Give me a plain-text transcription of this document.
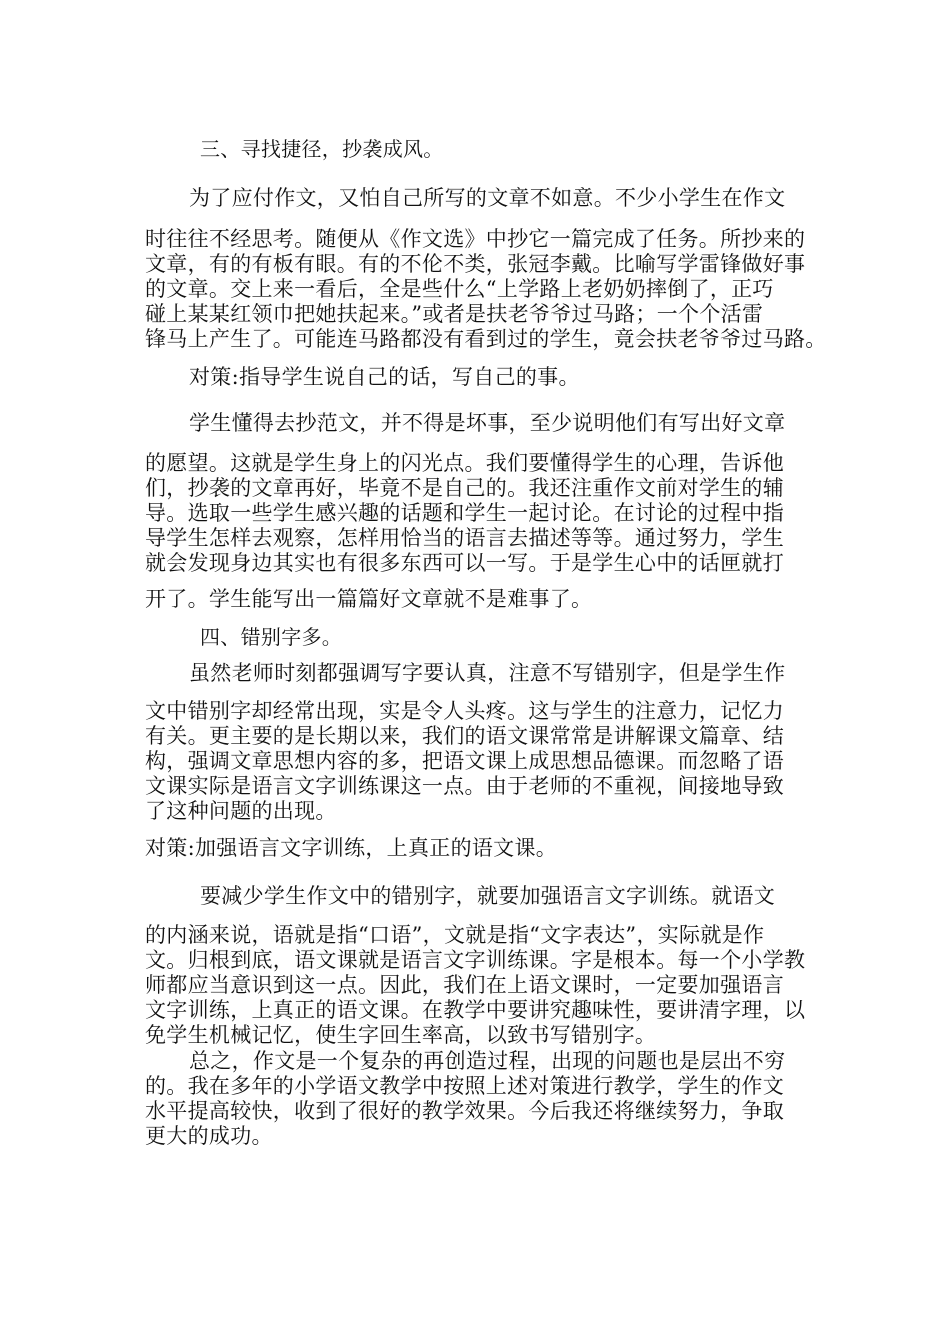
三、寻找捷径，抄袭成风。

为了应付作文，又怕自己所写的文章不如意。不少小学生在作文

时往往不经思考。随便从《作文选》中抄它一篇完成了任务。所抄来的

文章，有的有板有眼。有的不伦不类，张冠李戴。比喻写学雷锋做好事

的文章。交上来一看后，全是些什么“上学路上老奶奶摔倒了，正巧

碰上某某红领巾把她扶起来。”或者是扶老爷爷过马路；一个个活雷

锋马上产生了。可能连马路都没有看到过的学生，竟会扶老爷爷过马路。

对策:指导学生说自己的话，写自己的事。

学生懂得去抄范文，并不得是坏事，至少说明他们有写出好文章

的愿望。这就是学生身上的闪光点。我们要懂得学生的心理，告诉他

们，抄袭的文章再好，毕竟不是自己的。我还注重作文前对学生的辅

导。选取一些学生感兴趣的话题和学生一起讨论。在讨论的过程中指

导学生怎样去观察，怎样用恰当的语言去描述等等。通过努力，学生

就会发现身边其实也有很多东西可以一写。于是学生心中的话匣就打

开了。学生能写出一篇篇好文章就不是难事了。

四、错别字多。

虽然老师时刻都强调写字要认真，注意不写错别字，但是学生作

文中错别字却经常出现，实是令人头疼。这与学生的注意力，记忆力

有关。更主要的是长期以来，我们的语文课常常是讲解课文篇章、结

构，强调文章思想内容的多，把语文课上成思想品德课。而忽略了语

文课实际是语言文字训练课这一点。由于老师的不重视，间接地导致

了这种问题的出现。

对策:加强语言文字训练，上真正的语文课。

要减少学生作文中的错别字，就要加强语言文字训练。就语文

的内涵来说，语就是指“口语”，文就是指“文字表达”，实际就是作

文。归根到底，语文课就是语言文字训练课。字是根本。每一个小学教

师都应当意识到这一点。因此，我们在上语文课时，一定要加强语言

文字训练，上真正的语文课。在教学中要讲究趣味性，要讲清字理，以

免学生机械记忆，使生字回生率高，以致书写错别字。

总之，作文是一个复杂的再创造过程，出现的问题也是层出不穷

的。我在多年的小学语文教学中按照上述对策进行教学，学生的作文

水平提高较快，收到了很好的教学效果。今后我还将继续努力，争取

更大的成功。
